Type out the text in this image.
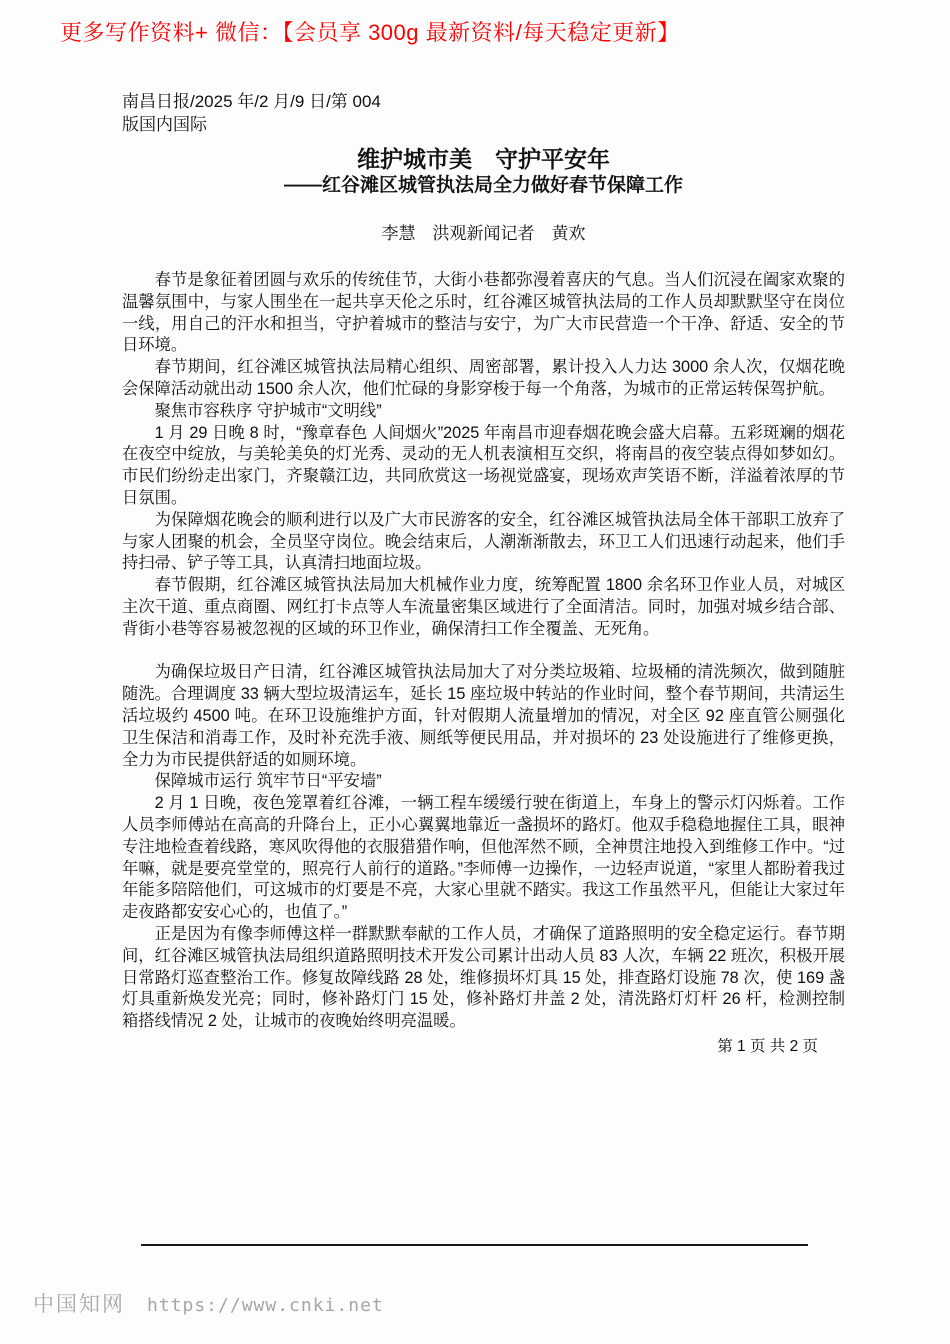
更多写作资料+ 微信：【会员享 300g 最新资料/每天稳定更新】
南昌日报/2025 年/2 月/9 日/第 004
版国内国际
维护城市美　守护平安年
——红谷滩区城管执法局全力做好春节保障工作
李慧　洪观新闻记者　黄欢

春节是象征着团圆与欢乐的传统佳节，大街小巷都弥漫着喜庆的气息。当人们沉浸在阖家欢聚的温馨氛围中，与家人围坐在一起共享天伦之乐时，红谷滩区城管执法局的工作人员却默默坚守在岗位一线，用自己的汗水和担当，守护着城市的整洁与安宁，为广大市民营造一个干净、舒适、安全的节日环境。

春节期间，红谷滩区城管执法局精心组织、周密部署，累计投入人力达 3000 余人次，仅烟花晚会保障活动就出动 1500 余人次，他们忙碌的身影穿梭于每一个角落，为城市的正常运转保驾护航。

聚焦市容秩序 守护城市“文明线”

1 月 29 日晚 8 时，“豫章春色 人间烟火”2025 年南昌市迎春烟花晚会盛大启幕。五彩斑斓的烟花在夜空中绽放，与美轮美奂的灯光秀、灵动的无人机表演相互交织，将南昌的夜空装点得如梦如幻。市民们纷纷走出家门，齐聚赣江边，共同欣赏这一场视觉盛宴，现场欢声笑语不断，洋溢着浓厚的节日氛围。

为保障烟花晚会的顺利进行以及广大市民游客的安全，红谷滩区城管执法局全体干部职工放弃了与家人团聚的机会，全员坚守岗位。晚会结束后，人潮渐渐散去，环卫工人们迅速行动起来，他们手持扫帚、铲子等工具，认真清扫地面垃圾。

春节假期，红谷滩区城管执法局加大机械作业力度，统筹配置 1800 余名环卫作业人员，对城区主次干道、重点商圈、网红打卡点等人车流量密集区域进行了全面清洁。同时，加强对城乡结合部、背街小巷等容易被忽视的区域的环卫作业，确保清扫工作全覆盖、无死角。

为确保垃圾日产日清，红谷滩区城管执法局加大了对分类垃圾箱、垃圾桶的清洗频次，做到随脏随洗。合理调度 33 辆大型垃圾清运车，延长 15 座垃圾中转站的作业时间，整个春节期间，共清运生活垃圾约 4500 吨。在环卫设施维护方面，针对假期人流量增加的情况，对全区 92 座直管公厕强化卫生保洁和消毒工作，及时补充洗手液、厕纸等便民用品，并对损坏的 23 处设施进行了维修更换，全力为市民提供舒适的如厕环境。

保障城市运行 筑牢节日“平安墙”

2 月 1 日晚，夜色笼罩着红谷滩，一辆工程车缓缓行驶在街道上，车身上的警示灯闪烁着。工作人员李师傅站在高高的升降台上，正小心翼翼地靠近一盏损坏的路灯。他双手稳稳地握住工具，眼神专注地检查着线路，寒风吹得他的衣服猎猎作响，但他浑然不顾，全神贯注地投入到维修工作中。“过年嘛，就是要亮堂堂的，照亮行人前行的道路。”李师傅一边操作，一边轻声说道，“家里人都盼着我过年能多陪陪他们，可这城市的灯要是不亮，大家心里就不踏实。我这工作虽然平凡，但能让大家过年走夜路都安安心心的，也值了。”

正是因为有像李师傅这样一群默默奉献的工作人员，才确保了道路照明的安全稳定运行。春节期间，红谷滩区城管执法局组织道路照明技术开发公司累计出动人员 83 人次，车辆 22 班次，积极开展日常路灯巡查整治工作。修复故障线路 28 处，维修损坏灯具 15 处，排查路灯设施 78 次，使 169 盏灯具重新焕发光亮；同时，修补路灯门 15 处，修补路灯井盖 2 处，清洗路灯灯杆 26 杆，检测控制箱搭线情况 2 处，让城市的夜晚始终明亮温暖。

第 1 页 共 2 页
中国知网 https://www.cnki.net
